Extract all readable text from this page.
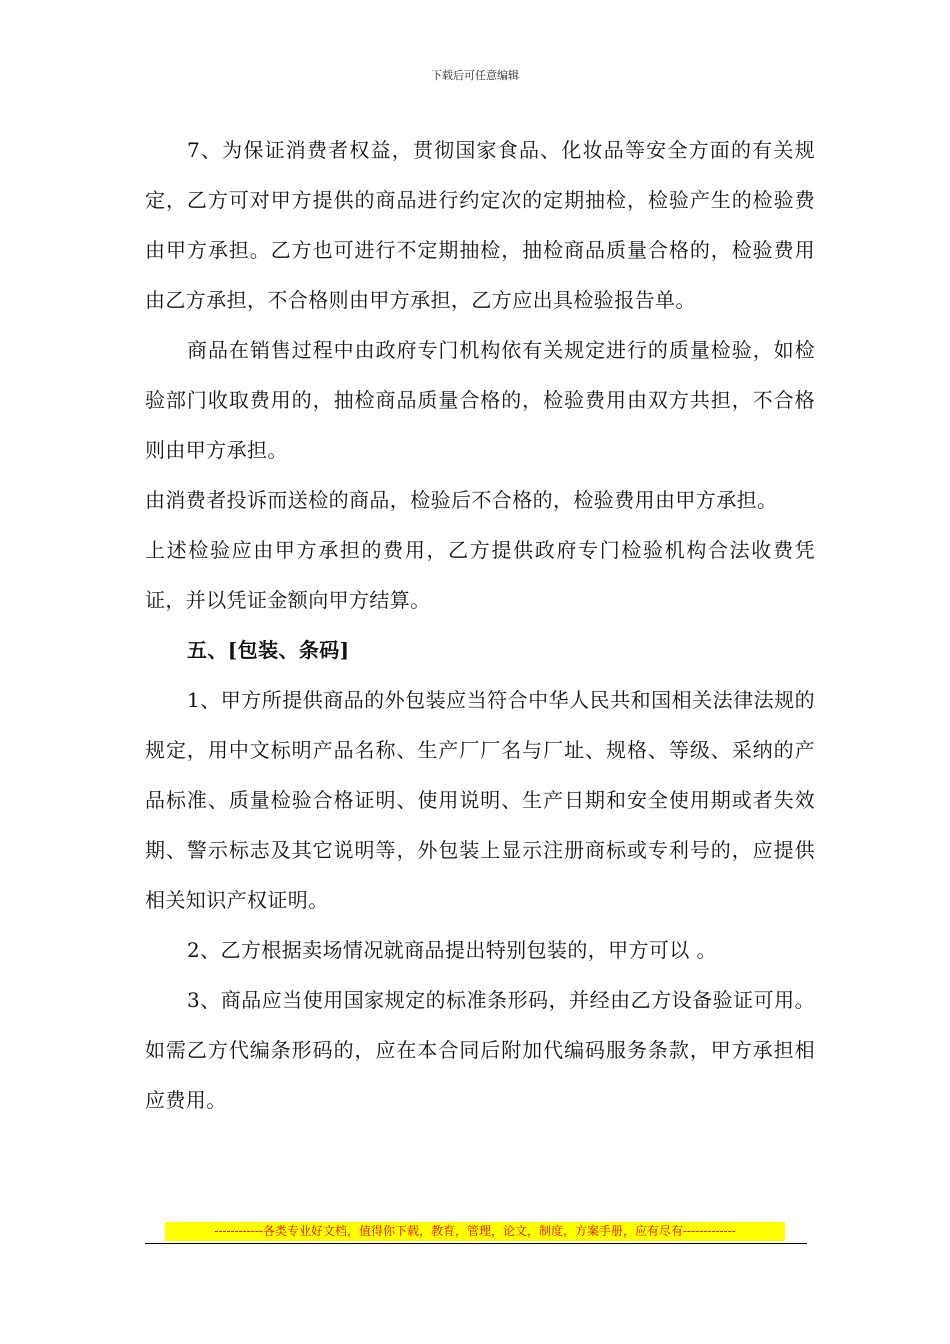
下载后可任意编辑

7、为保证消费者权益，贯彻国家食品、化妆品等安全方面的有关规定，乙方可对甲方提供的商品进行约定次的定期抽检，检验产生的检验费由甲方承担。乙方也可进行不定期抽检，抽检商品质量合格的，检验费用由乙方承担，不合格则由甲方承担，乙方应出具检验报告单。

商品在销售过程中由政府专门机构依有关规定进行的质量检验，如检验部门收取费用的，抽检商品质量合格的，检验费用由双方共担，不合格则由甲方承担。

由消费者投诉而送检的商品，检验后不合格的，检验费用由甲方承担。

上述检验应由甲方承担的费用，乙方提供政府专门检验机构合法收费凭证，并以凭证金额向甲方结算。

五、[包装、条码]

1、甲方所提供商品的外包装应当符合中华人民共和国相关法律法规的规定，用中文标明产品名称、生产厂厂名与厂址、规格、等级、采纳的产品标准、质量检验合格证明、使用说明、生产日期和安全使用期或者失效期、警示标志及其它说明等，外包装上显示注册商标或专利号的，应提供相关知识产权证明。

2、乙方根据卖场情况就商品提出特别包装的，甲方可以 。

3、商品应当使用国家规定的标准条形码，并经由乙方设备验证可用。如需乙方代编条形码的，应在本合同后附加代编码服务条款，甲方承担相应费用。

------------各类专业好文档，值得你下载，教育，管理，论文，制度，方案手册，应有尽有-------------
